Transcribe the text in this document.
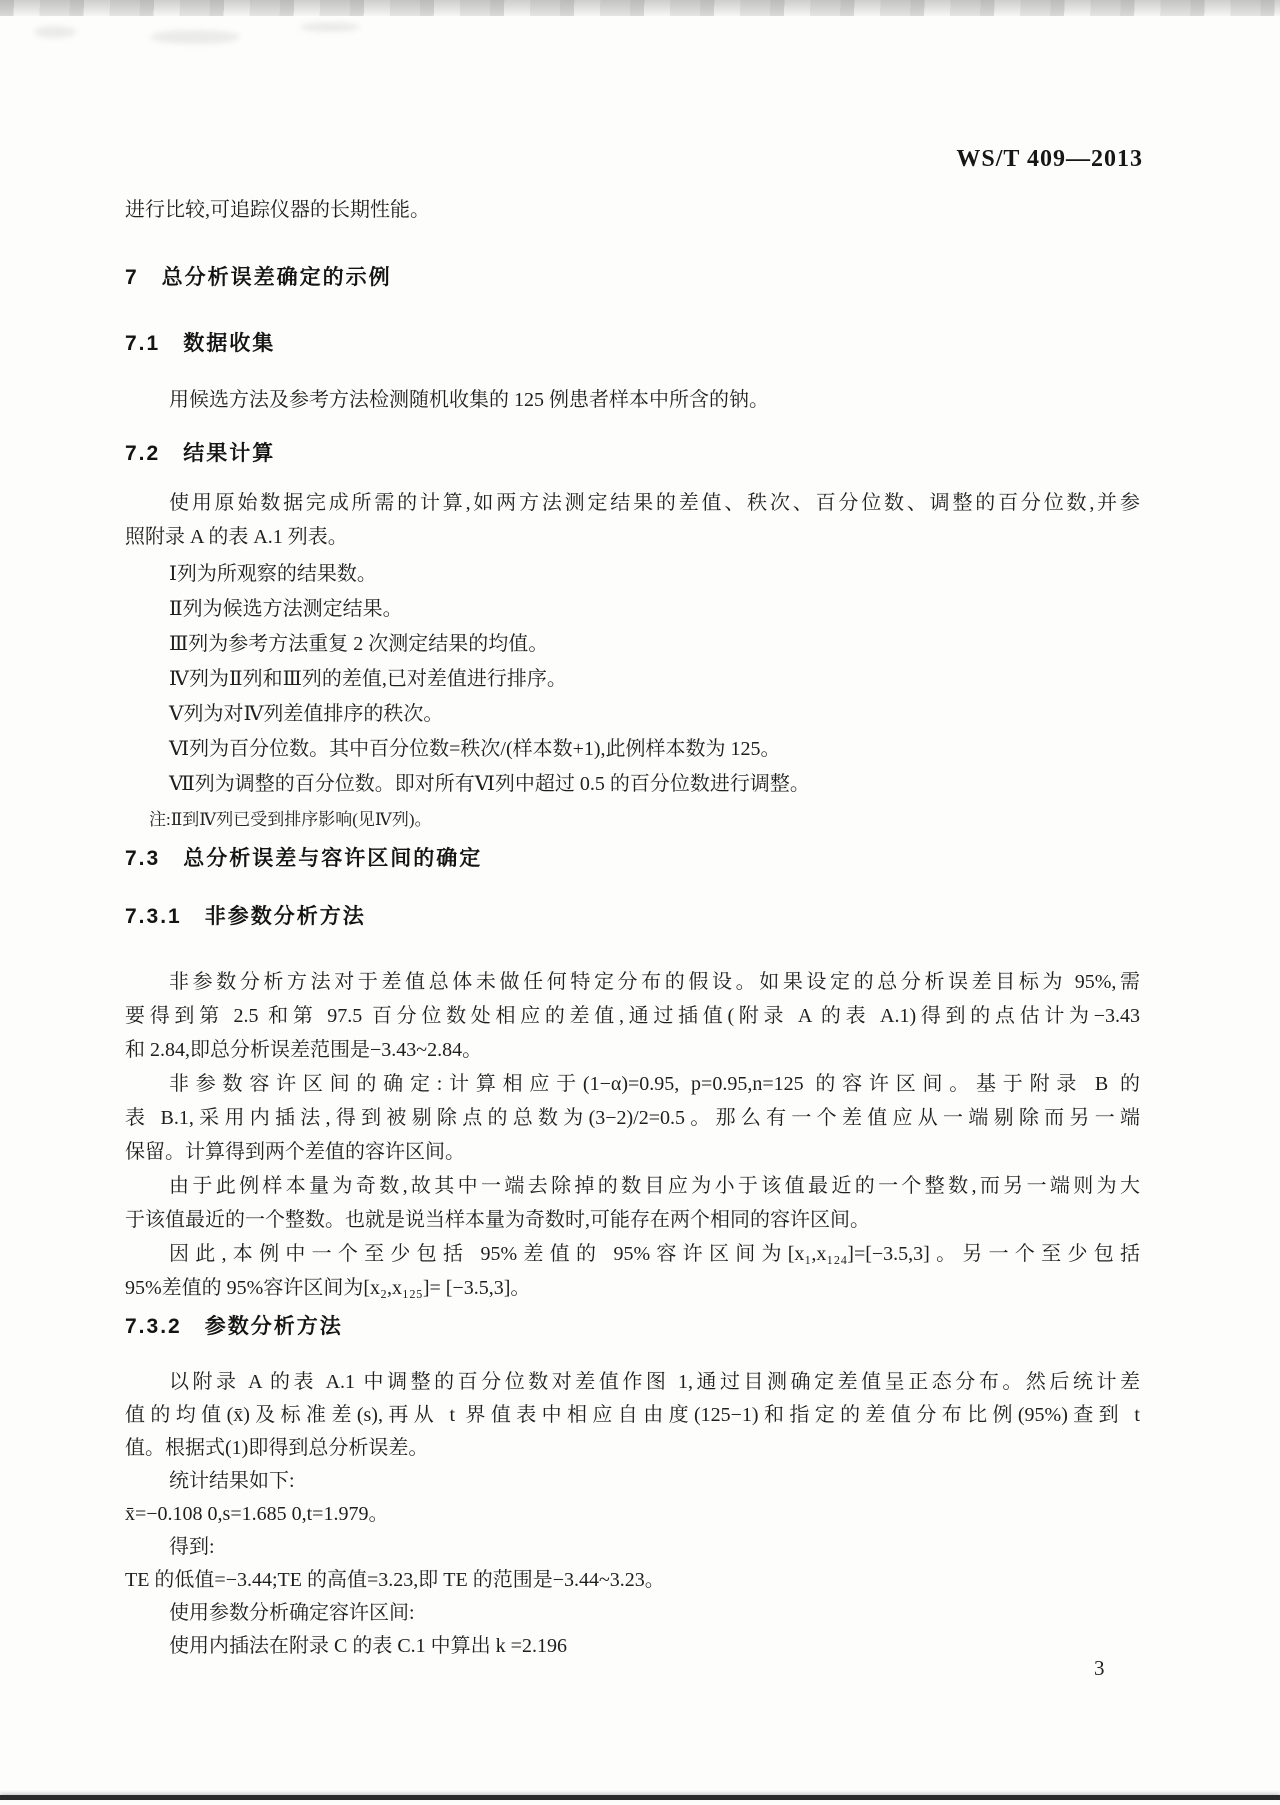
WS/T 409—2013
进行比较,可追踪仪器的长期性能。
7　总分析误差确定的示例
7.1　数据收集
用候选方法及参考方法检测随机收集的 125 例患者样本中所含的钠。
7.2　结果计算
使用原始数据完成所需的计算,如两方法测定结果的差值、秩次、百分位数、调整的百分位数,并参
照附录 A 的表 A.1 列表。
Ⅰ列为所观察的结果数。
Ⅱ列为候选方法测定结果。
Ⅲ列为参考方法重复 2 次测定结果的均值。
Ⅳ列为Ⅱ列和Ⅲ列的差值,已对差值进行排序。
Ⅴ列为对Ⅳ列差值排序的秩次。
Ⅵ列为百分位数。其中百分位数=秩次/(样本数+1),此例样本数为 125。
Ⅶ列为调整的百分位数。即对所有Ⅵ列中超过 0.5 的百分位数进行调整。
注:Ⅱ到Ⅳ列已受到排序影响(见Ⅳ列)。
7.3　总分析误差与容许区间的确定
7.3.1　非参数分析方法
非参数分析方法对于差值总体未做任何特定分布的假设。如果设定的总分析误差目标为 95%,需
要得到第 2.5 和第 97.5 百分位数处相应的差值,通过插值(附录 A 的表 A.1)得到的点估计为−3.43
和 2.84,即总分析误差范围是−3.43~2.84。
非参数容许区间的确定:计算相应于(1−α)=0.95, p=0.95,n=125 的容许区间。基于附录 B 的
表 B.1,采用内插法,得到被剔除点的总数为(3−2)/2=0.5。那么有一个差值应从一端剔除而另一端
保留。计算得到两个差值的容许区间。
由于此例样本量为奇数,故其中一端去除掉的数目应为小于该值最近的一个整数,而另一端则为大
于该值最近的一个整数。也就是说当样本量为奇数时,可能存在两个相同的容许区间。
因此,本例中一个至少包括 95%差值的 95%容许区间为[x₁,x₁₂₄]=[−3.5,3]。另一个至少包括
95%差值的 95%容许区间为[x₂,x₁₂₅]= [−3.5,3]。
7.3.2　参数分析方法
以附录 A 的表 A.1 中调整的百分位数对差值作图 1,通过目测确定差值呈正态分布。然后统计差
值的均值(x̄)及标准差(s),再从 t 界值表中相应自由度(125−1)和指定的差值分布比例(95%)查到 t
值。根据式(1)即得到总分析误差。
统计结果如下:
x̄=−0.108 0,s=1.685 0,t=1.979。
得到:
TE 的低值=−3.44;TE 的高值=3.23,即 TE 的范围是−3.44~3.23。
使用参数分析确定容许区间:
使用内插法在附录 C 的表 C.1 中算出 k =2.196
3
